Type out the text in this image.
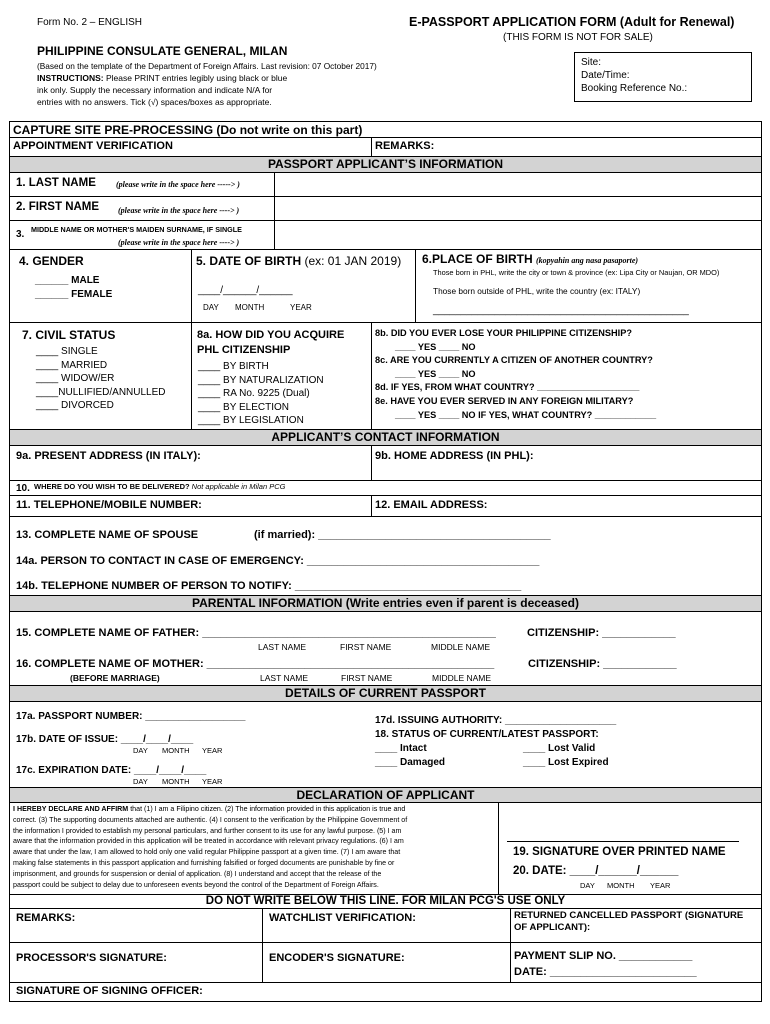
Form No. 2 – ENGLISH	E-PASSPORT APPLICATION FORM (Adult for Renewal)
(THIS FORM IS NOT FOR SALE)
PHILIPPINE CONSULATE GENERAL, MILAN
(Based on the template of the Department of Foreign Affairs. Last revision: 07 October 2017)
INSTRUCTIONS: Please PRINT entries legibly using black or blue
ink only. Supply the necessary information and indicate N/A for
entries with no answers. Tick (√) spaces/boxes as appropriate.
Site:
Date/Time:
Booking Reference No.:
CAPTURE SITE PRE-PROCESSING (Do not write on this part)
APPOINTMENT VERIFICATION	REMARKS:
PASSPORT APPLICANT’S INFORMATION
1. LAST NAME	(please write in the space here -----> )
2. FIRST NAME (please write in the space here ----> )
3. MIDDLE NAME OR MOTHER'S MAIDEN SURNAME, IF SINGLE
(please write in the space here ----> )
4. GENDER
______ MALE
______ FEMALE
5. DATE OF BIRTH (ex: 01 JAN 2019)
____/______/______
DAY MONTH	YEAR
6.PLACE OF BIRTH (kopyahin ang nasa pasaporte)
Those born in PHL, write the city or town & province (ex: Lipa City or Naujan, OR MDO)
Those born outside of PHL, write the country (ex: ITALY)
______________________________________________
7. CIVIL STATUS
____ SINGLE
____ MARRIED
____ WIDOW/ER
____NULLIFIED/ANNULLED
____ DIVORCED
8a. HOW DID YOU ACQUIRE
PHL CITIZENSHIP
____ BY BIRTH
____ BY NATURALIZATION
____ RA No. 9225 (Dual)
____ BY ELECTION
____ BY LEGISLATION
8b. DID YOU EVER LOSE YOUR PHILIPPINE CITIZENSHIP?
____ YES ____ NO
8c. ARE YOU CURRENTLY A CITIZEN OF ANOTHER COUNTRY?
____ YES ____ NO
8d. IF YES, FROM WHAT COUNTRY? ____________________
8e. HAVE YOU EVER SERVED IN ANY FOREIGN MILITARY?
____ YES ____ NO IF YES, WHAT COUNTRY? ____________
APPLICANT’S CONTACT INFORMATION
9a. PRESENT ADDRESS (IN ITALY):	9b. HOME ADDRESS (IN PHL):
10. WHERE DO YOU WISH TO BE DELIVERED? Not applicable in Milan PCG
11. TELEPHONE/MOBILE NUMBER:	12. EMAIL ADDRESS:
13. COMPLETE NAME OF SPOUSE	(if married): ______________________________________
14a. PERSON TO CONTACT IN CASE OF EMERGENCY: ______________________________________
14b. TELEPHONE NUMBER OF PERSON TO NOTIFY: _____________________________________
PARENTAL INFORMATION (Write entries even if parent is deceased)
15. COMPLETE NAME OF FATHER: ________________________________________________	CITIZENSHIP: ____________
LAST NAME	FIRST NAME	MIDDLE NAME
16. COMPLETE NAME OF MOTHER: _______________________________________________	CITIZENSHIP: ____________
(BEFORE MARRIAGE)	LAST NAME	FIRST NAME	MIDDLE NAME
DETAILS OF CURRENT PASSPORT
17a. PASSPORT NUMBER: __________________
17b. DATE OF ISSUE: ____/____/____
DAY MONTH YEAR
17c. EXPIRATION DATE: ____/____/____
DAY MONTH YEAR
17d. ISSUING AUTHORITY: ____________________
18. STATUS OF CURRENT/LATEST PASSPORT:
____ Intact
____ Damaged
____ Lost Valid
____ Lost Expired
DECLARATION OF APPLICANT
I HEREBY DECLARE AND AFFIRM that (1) I am a Filipino citizen. (2) The information provided in this application is true and
correct. (3) The supporting documents attached are authentic. (4) I consent to the verification by the Philippine Government of
the information I provided to establish my personal particulars, and further consent to its use for any lawful purpose. (5) I am
aware that the information provided in this application will be treated in accordance with relevant privacy regulations. (6) I am
aware that under the law, I am allowed to hold only one valid regular Philippine passport at a given time. (7) I am aware that
making false statements in this passport application and furnishing falsified or forged documents are punishable by fine or
imprisonment, and grounds for suspension or denial of application. (8) I understand and accept that the release of the
passport could be subject to delay due to unforeseen events beyond the control of the Department of Foreign Affairs.
19. SIGNATURE OVER PRINTED NAME
20. DATE: ____/______/______
DAY MONTH YEAR
DO NOT WRITE BELOW THIS LINE. FOR MILAN PCG'S USE ONLY
REMARKS:	WATCHLIST VERIFICATION:	RETURNED CANCELLED PASSPORT (SIGNATURE OF APPLICANT):
PROCESSOR'S SIGNATURE:	ENCODER'S SIGNATURE:	PAYMENT SLIP NO. ____________
DATE: ________________________
SIGNATURE OF SIGNING OFFICER:
